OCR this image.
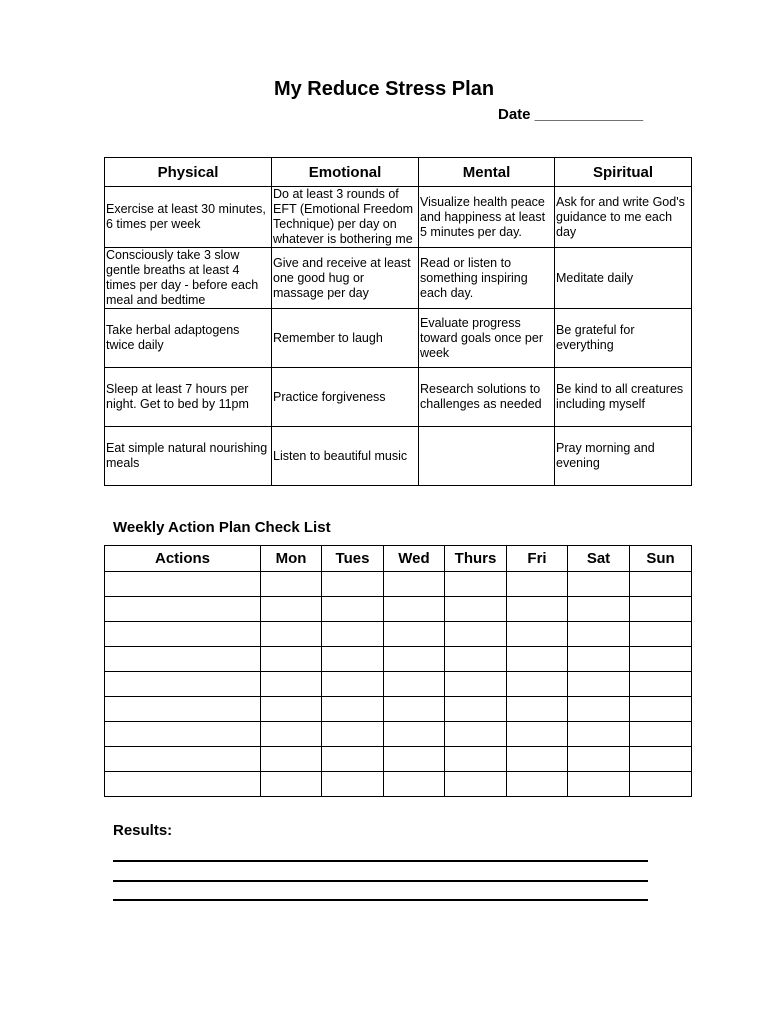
My Reduce Stress Plan
Date _____________
Physical	Emotional	Mental	Spiritual
Exercise at least 30 minutes, 6 times per week	Do at least 3 rounds of EFT (Emotional Freedom Technique) per day on whatever is bothering me	Visualize health peace and happiness at least 5 minutes per day.	Ask for and write God's guidance to me each day
Consciously take 3 slow gentle breaths at least 4 times per day - before each meal and bedtime	Give and receive at least one good hug or massage per day	Read or listen to something inspiring each day.	Meditate daily
Take herbal adaptogens twice daily	Remember to laugh	Evaluate progress toward goals once per week	Be grateful for everything
Sleep at least 7 hours per night. Get to bed by 11pm	Practice forgiveness	Research solutions to challenges as needed	Be kind to all creatures including myself
Eat simple natural nourishing meals	Listen to beautiful music		Pray morning and evening
Weekly Action Plan Check List
Actions	Mon	Tues	Wed	Thurs	Fri	Sat	Sun

Results:
